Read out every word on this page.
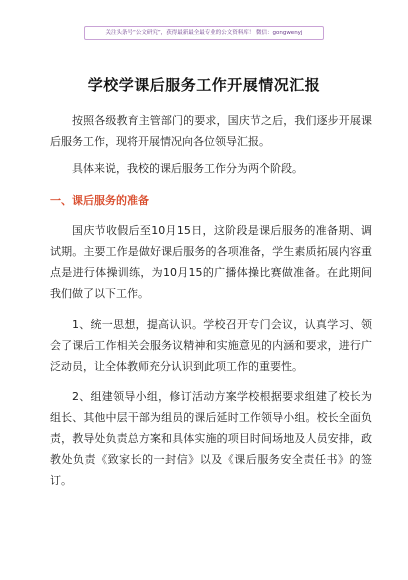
关注头条号“公文研究”，获得最新最全最专业的公文资料库！ 微信：gongwenyj
学校学课后服务工作开展情况汇报

按照各级教育主管部门的要求，国庆节之后，我们逐步开展课后服务工作，现将开展情况向各位领导汇报。

具体来说，我校的课后服务工作分为两个阶段。

一、课后服务的准备

国庆节收假后至10月15日，这阶段是课后服务的准备期、调试期。主要工作是做好课后服务的各项准备，学生素质拓展内容重点是进行体操训练，为10月15的广播体操比赛做准备。在此期间我们做了以下工作。

1、统一思想，提高认识。学校召开专门会议，认真学习、领会了课后工作相关会服务议精神和实施意见的内涵和要求，进行广泛动员，让全体教师充分认识到此项工作的重要性。

2、组建领导小组，修订活动方案学校根据要求组建了校长为组长、其他中层干部为组员的课后延时工作领导小组。校长全面负责，教导处负责总方案和具体实施的项目时间场地及人员安排，政教处负责《致家长的一封信》以及《课后服务安全责任书》的签订。
